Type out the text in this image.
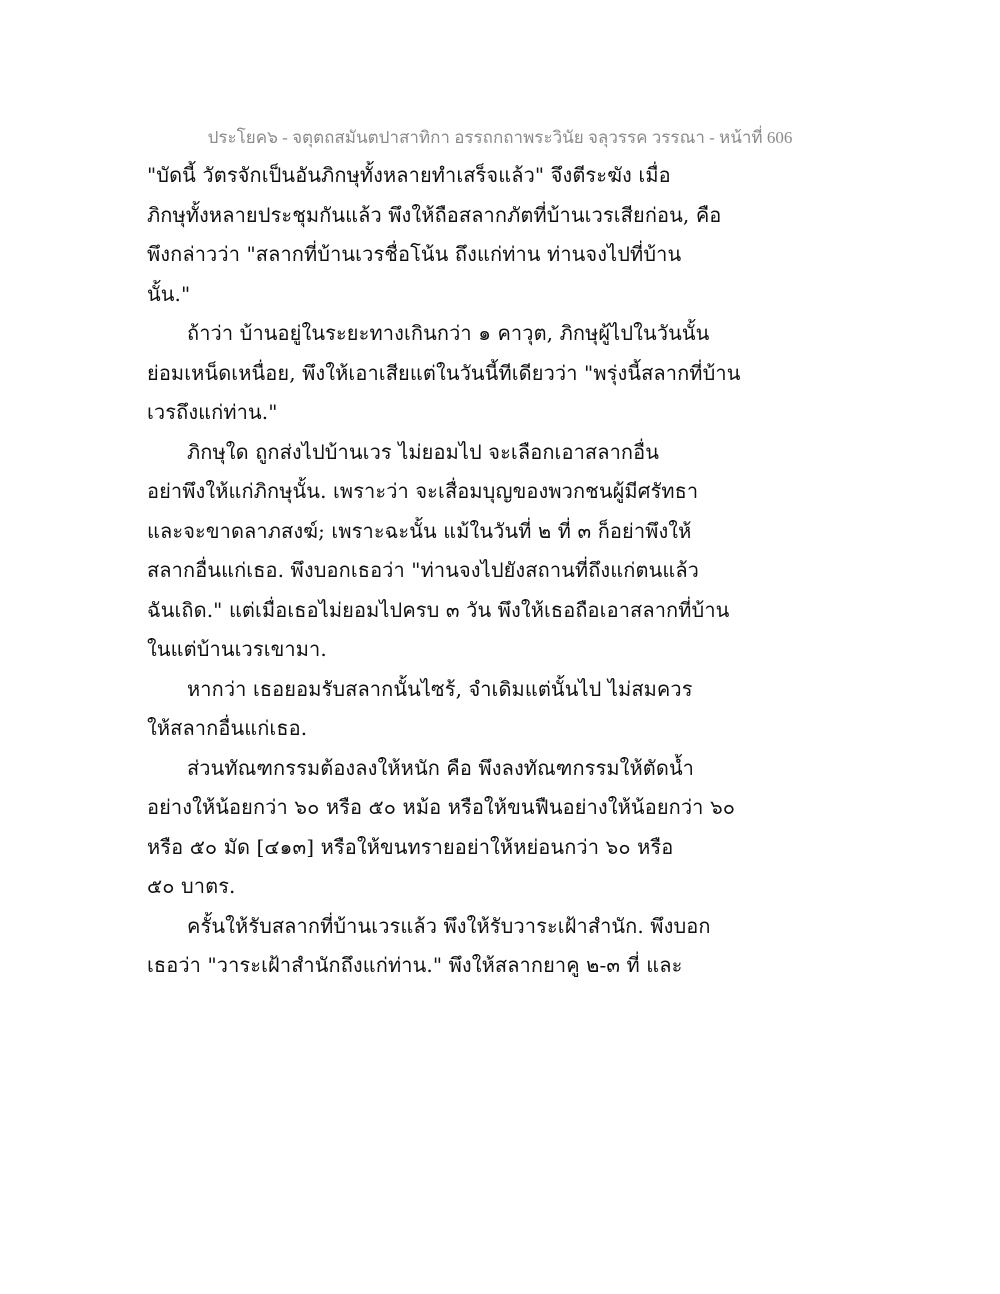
ประโยค๖ - จตุตถสมันตปาสาทิกา อรรถกถาพระวินัย จลุวรรค วรรณา - หน้าที่ 606
"บัดนี้ วัตรจักเป็นอันภิกษุทั้งหลายทำเสร็จแล้ว" จึงตีระฆัง เมื่อ
ภิกษุทั้งหลายประชุมกันแล้ว พึงให้ถือสลากภัตที่บ้านเวรเสียก่อน, คือ
พึงกล่าวว่า "สลากที่บ้านเวรชื่อโน้น ถึงแก่ท่าน ท่านจงไปที่บ้าน
นั้น."
ถ้าว่า บ้านอยู่ในระยะทางเกินกว่า ๑ คาวุต, ภิกษุผู้ไปในวันนั้น
ย่อมเหน็ดเหนื่อย, พึงให้เอาเสียแต่ในวันนี้ทีเดียวว่า "พรุ่งนี้สลากที่บ้าน
เวรถึงแก่ท่าน."
ภิกษุใด ถูกส่งไปบ้านเวร ไม่ยอมไป จะเลือกเอาสลากอื่น
อย่าพึงให้แก่ภิกษุนั้น. เพราะว่า จะเสื่อมบุญของพวกชนผู้มีศรัทธา
และจะขาดลาภสงฆ์; เพราะฉะนั้น แม้ในวันที่ ๒ ที่ ๓ ก็อย่าพึงให้
สลากอื่นแก่เธอ. พึงบอกเธอว่า "ท่านจงไปยังสถานที่ถึงแก่ตนแล้ว
ฉันเถิด." แต่เมื่อเธอไม่ยอมไปครบ ๓ วัน พึงให้เธอถือเอาสลากที่บ้าน
ในแต่บ้านเวรเขามา.
หากว่า เธอยอมรับสลากนั้นไซร้, จำเดิมแต่นั้นไป ไม่สมควร
ให้สลากอื่นแก่เธอ.
ส่วนทัณฑกรรมต้องลงให้หนัก คือ พึงลงทัณฑกรรมให้ตัดน้ำ
อย่างให้น้อยกว่า ๖๐ หรือ ๕๐ หม้อ หรือให้ขนฟืนอย่างให้น้อยกว่า ๖๐
หรือ ๕๐ มัด [๔๑๓] หรือให้ขนทรายอย่าให้หย่อนกว่า ๖๐ หรือ
๕๐ บาตร.
ครั้นให้รับสลากที่บ้านเวรแล้ว พึงให้รับวาระเฝ้าสำนัก. พึงบอก
เธอว่า "วาระเฝ้าสำนักถึงแก่ท่าน." พึงให้สลากยาคู ๒-๓ ที่ และ
